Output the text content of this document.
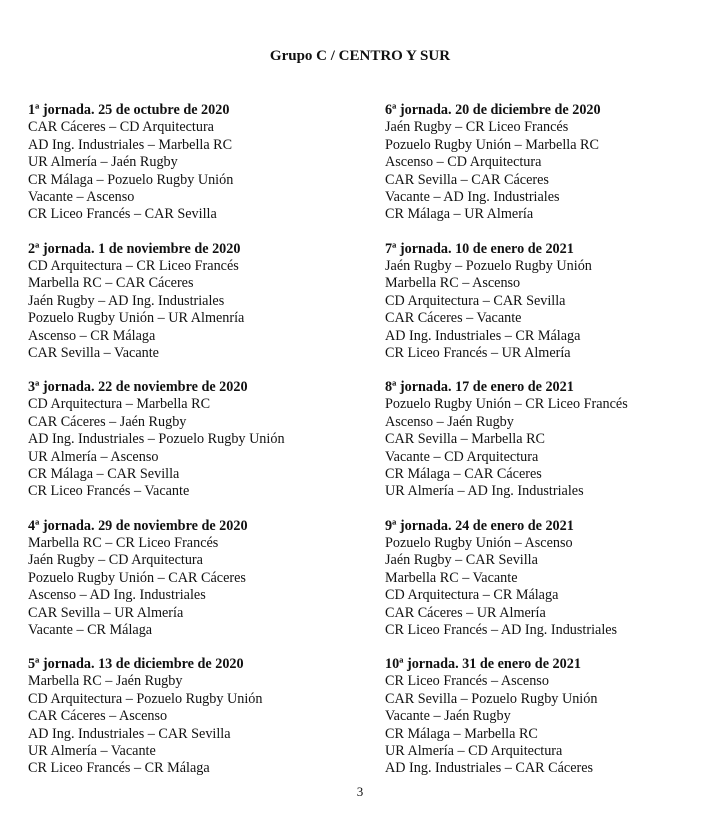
Grupo C / CENTRO Y SUR
1ª jornada. 25 de octubre de 2020
CAR Cáceres – CD Arquitectura
AD Ing. Industriales – Marbella RC
UR Almería – Jaén Rugby
CR Málaga – Pozuelo Rugby Unión
Vacante – Ascenso
CR Liceo Francés – CAR Sevilla
2ª jornada. 1 de noviembre de 2020
CD Arquitectura – CR Liceo Francés
Marbella RC – CAR Cáceres
Jaén Rugby – AD Ing. Industriales
Pozuelo Rugby Unión – UR Almenría
Ascenso – CR Málaga
CAR Sevilla – Vacante
3ª jornada. 22 de noviembre de 2020
CD Arquitectura – Marbella RC
CAR Cáceres – Jaén Rugby
AD Ing. Industriales – Pozuelo Rugby Unión
UR Almería – Ascenso
CR Málaga – CAR Sevilla
CR Liceo Francés – Vacante
4ª jornada. 29 de noviembre de 2020
Marbella RC – CR Liceo Francés
Jaén Rugby – CD Arquitectura
Pozuelo Rugby Unión – CAR Cáceres
Ascenso – AD Ing. Industriales
CAR Sevilla – UR Almería
Vacante – CR Málaga
5ª jornada. 13 de diciembre de 2020
Marbella RC – Jaén Rugby
CD Arquitectura – Pozuelo Rugby Unión
CAR Cáceres – Ascenso
AD Ing. Industriales – CAR Sevilla
UR Almería – Vacante
CR Liceo Francés – CR Málaga
6ª jornada. 20 de diciembre de 2020
Jaén Rugby – CR Liceo Francés
Pozuelo Rugby Unión – Marbella RC
Ascenso – CD Arquitectura
CAR Sevilla – CAR Cáceres
Vacante – AD Ing. Industriales
CR Málaga – UR Almería
7ª jornada. 10 de enero de 2021
Jaén Rugby – Pozuelo Rugby Unión
Marbella RC – Ascenso
CD Arquitectura – CAR Sevilla
CAR Cáceres – Vacante
AD Ing. Industriales – CR Málaga
CR Liceo Francés – UR Almería
8ª jornada. 17 de enero de 2021
Pozuelo Rugby Unión – CR Liceo Francés
Ascenso – Jaén Rugby
CAR Sevilla – Marbella RC
Vacante – CD Arquitectura
CR Málaga – CAR Cáceres
UR Almería – AD Ing. Industriales
9ª jornada. 24 de enero de 2021
Pozuelo Rugby Unión – Ascenso
Jaén Rugby – CAR Sevilla
Marbella RC – Vacante
CD Arquitectura – CR Málaga
CAR Cáceres – UR Almería
CR Liceo Francés – AD Ing. Industriales
10ª jornada. 31 de enero de 2021
CR Liceo Francés – Ascenso
CAR Sevilla – Pozuelo Rugby Unión
Vacante – Jaén Rugby
CR Málaga – Marbella RC
UR Almería – CD Arquitectura
AD Ing. Industriales – CAR Cáceres
3
